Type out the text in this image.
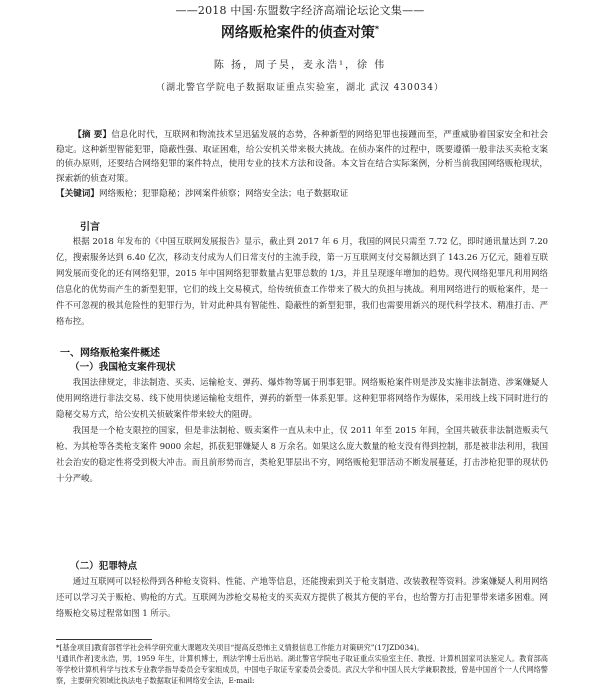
——2018 中国·东盟数字经济高端论坛论文集——
网络贩枪案件的侦查对策*
陈 扬，周子昊，麦永浩¹，徐 伟
（湖北警官学院电子数据取证重点实验室，湖北 武汉 430034）
【摘 要】信息化时代，互联网和物流技术呈迅猛发展的态势，各种新型的网络犯罪也接踵而至，严重威胁着国家安全和社会稳定。这种新型智能犯罪，隐蔽性强、取证困难，给公安机关带来极大挑战。在侦办案件的过程中，既要遵循一般非法买卖枪支案的侦办原则，还要结合网络犯罪的案件特点，使用专业的技术方法和设备。本文旨在结合实际案例，分析当前我国网络贩枪现状，探索新的侦查对策。
【关键词】网络贩枪；犯罪隐秘；涉网案件侦察；网络安全法；电子数据取证
引言

根据 2018 年发布的《中国互联网发展报告》显示，截止到 2017 年 6 月，我国的网民只需至 7.72 亿，即时通讯量达到 7.20 亿，搜索服务达到 6.40 亿次，移动支付成为人们日常支付的主流手段，第一万互联网支付交易额达到了 143.26 万亿元，随着互联网发展而变化的还有网络犯罪，2015 年中国网络犯罪数量占犯罪总数的 1/3，并且呈现逐年增加的趋势。现代网络犯罪凡利用网络信息化的优势而产生的新型犯罪，它们的线上交易模式，给传统侦查工作带来了极大的负担与挑战。利用网络进行的贩枪案件，是一件不可忽视的极其危险性的犯罪行为，针对此种具有智能性、隐蔽性的新型犯罪，我们也需要用新兴的现代科学技术、精准打击、严格布控。

一、网络贩枪案件概述
（一）我国枪支案件现状

我国法律规定，非法制造、买卖、运输枪支、弹药、爆炸物等属于刑事犯罪。网络贩枪案件则是涉及实施非法制造、涉案嫌疑人使用网络进行非法交易、线下使用快递运输枪支组件，弹药的新型一体系犯罪。这种犯罪将网络作为媒体，采用线上线下同时进行的隐秘交易方式，给公安机关侦破案件带来较大的阻碍。

我国是一个枪支限控的国家，但是非法制枪、贩卖案件一直从未中止，仅 2011 年至 2015 年间，全国共破获非法制造贩卖气枪、为其枪等各类枪支案件 9000 余起，抓获犯罪嫌疑人 8 万余名。如果这么庞大数量的枪支没有得到控制，那是被非法利用，我国社会治安的稳定性将受到极大冲击。而且前形势而言，类枪犯罪层出不穷，网络贩枪犯罪活动不断发展蔓延，打击涉枪犯罪的现状仍十分严峻。

（二）犯罪特点

通过互联网可以轻松得到各种枪支资料、性能、产地等信息，还能搜索到关于枪支制造、改装教程等资料。涉案嫌疑人利用网络还可以学习关于贩枪、购枪的方式。互联网为涉枪交易枪支的买卖双方提供了极其方便的平台，也给警方打击犯罪带来诸多困难。网络贩枪交易过程常如图 1 所示。

*[基金项目]教育部哲学社会科学研究重大课题攻关项目“提高反恐怖主义情报信息工作能力对策研究”(17JZD034)。

¹[通讯作者]麦永浩，男，1959 年生，计算机博士，刑法学博士后出站。湖北警官学院电子取证重点实验室主任、教授、计算机国家司法鉴定人。教育部高等学校计算机科学与技术专业教学指导委员会专家组成员，中国电子取证专家委员会委员。武汉大学和中国人民大学兼职教授，曾是中国首个一人代网络警察，主要研究领域比执法电子数据取证和网络安全法，E-mail:
